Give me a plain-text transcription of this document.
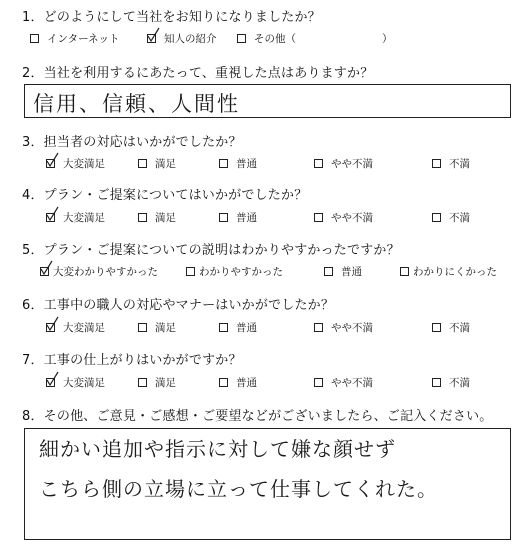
1．どのようにして当社をお知りになりましたか？
インターネット	知人の紹介	その他（	）
2．当社を利用するにあたって、重視した点はありますか？
信用、信頼、人間性
3．担当者の対応はいかがでしたか？
大変満足	満足	普通	やや不満	不満
4．プラン・ご提案についてはいかがでしたか？
大変満足	満足	普通	やや不満	不満
5．プラン・ご提案についての説明はわかりやすかったですか？
大変わかりやすかった	わかりやすかった	普通	わかりにくかった
6．工事中の職人の対応やマナーはいかがでしたか？
大変満足	満足	普通	やや不満	不満
7．工事の仕上がりはいかがですか？
大変満足	満足	普通	やや不満	不満
8．その他、ご意見・ご感想・ご要望などがございましたら、ご記入ください。
細かい追加や指示に対して嫌な顔せず
こちら側の立場に立って仕事してくれた。
